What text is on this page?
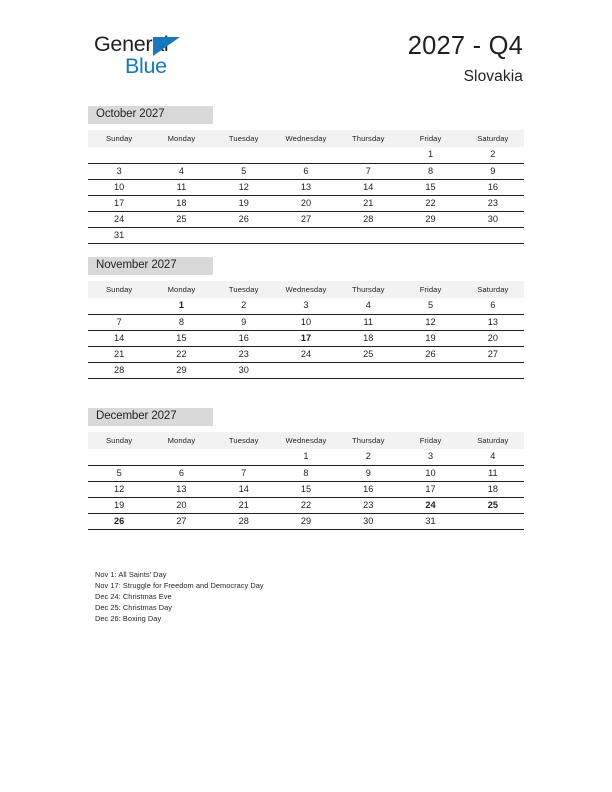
General
Blue
2027 - Q4
Slovakia
October 2027
Sunday	Monday	Tuesday	Wednesday	Thursday	Friday	Saturday
					1	2
3	4	5	6	7	8	9
10	11	12	13	14	15	16
17	18	19	20	21	22	23
24	25	26	27	28	29	30
31						
November 2027
Sunday	Monday	Tuesday	Wednesday	Thursday	Friday	Saturday
	1	2	3	4	5	6
7	8	9	10	11	12	13
14	15	16	17	18	19	20
21	22	23	24	25	26	27
28	29	30				
December 2027
Sunday	Monday	Tuesday	Wednesday	Thursday	Friday	Saturday
			1	2	3	4
5	6	7	8	9	10	11
12	13	14	15	16	17	18
19	20	21	22	23	24	25
26	27	28	29	30	31	
Nov 1: All Saints’ Day
Nov 17: Struggle for Freedom and Democracy Day
Dec 24: Christmas Eve
Dec 25: Christmas Day
Dec 26: Boxing Day
